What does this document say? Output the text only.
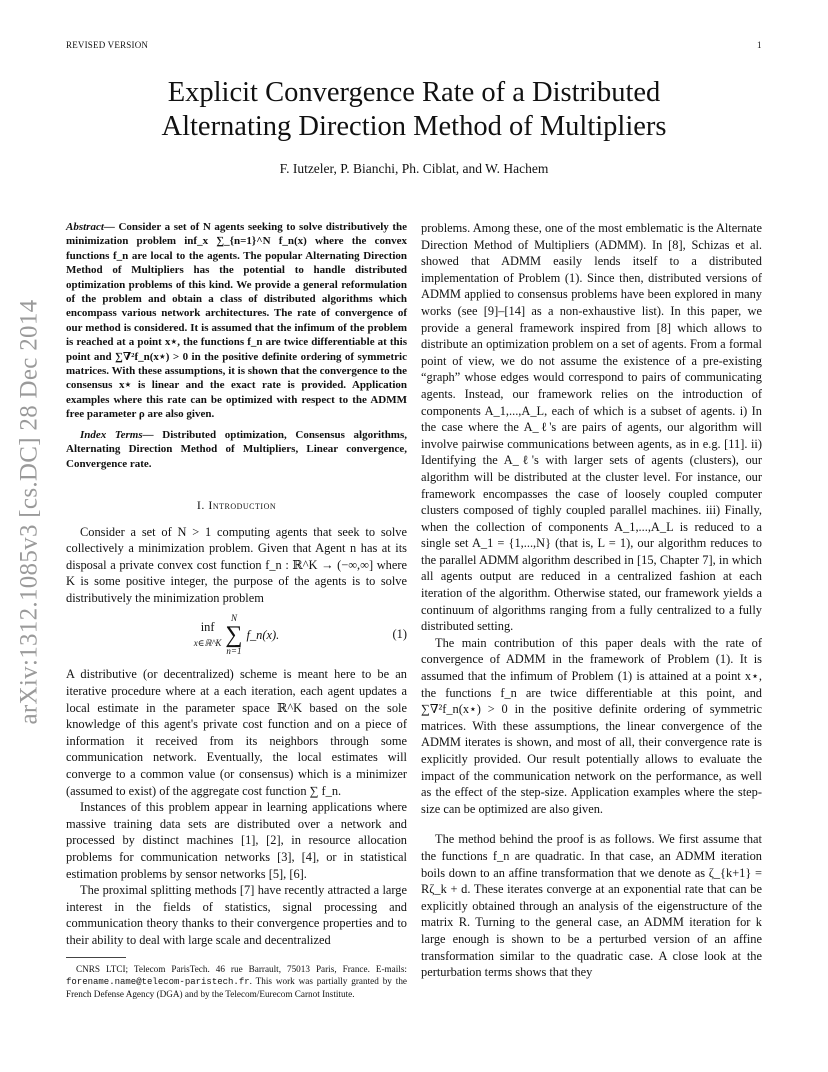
REVISED VERSION	1
Explicit Convergence Rate of a Distributed
Alternating Direction Method of Multipliers
F. Iutzeler, P. Bianchi, Ph. Ciblat, and W. Hachem
arXiv:1312.1085v3 [cs.DC] 28 Dec 2014

Abstract— Consider a set of N agents seeking to solve distributively the minimization problem inf_x ∑_{n=1}^N f_n(x) where the convex functions f_n are local to the agents. The popular Alternating Direction Method of Multipliers has the potential to handle distributed optimization problems of this kind. We provide a general reformulation of the problem and obtain a class of distributed algorithms which encompass various network architectures. The rate of convergence of our method is considered. It is assumed that the infimum of the problem is reached at a point x⋆, the functions f_n are twice differentiable at this point and ∑∇²f_n(x⋆) > 0 in the positive definite ordering of symmetric matrices. With these assumptions, it is shown that the convergence to the consensus x⋆ is linear and the exact rate is provided. Application examples where this rate can be optimized with respect to the ADMM free parameter ρ are also given.

Index Terms— Distributed optimization, Consensus algorithms, Alternating Direction Method of Multipliers, Linear convergence, Convergence rate.

I. Introduction

Consider a set of N > 1 computing agents that seek to solve collectively a minimization problem. Given that Agent n has at its disposal a private convex cost function f_n : ℝ^K → (−∞,∞] where K is some positive integer, the purpose of the agents is to solve distributively the minimization problem

inf
x∈ℝ^K
N
∑
n=1
f_n(x).	(1)

A distributive (or decentralized) scheme is meant here to be an iterative procedure where at a each iteration, each agent updates a local estimate in the parameter space ℝ^K based on the sole knowledge of this agent's private cost function and on a piece of information it received from its neighbors through some communication network. Eventually, the local estimates will converge to a common value (or consensus) which is a minimizer (assumed to exist) of the aggregate cost function ∑ f_n.

Instances of this problem appear in learning applications where massive training data sets are distributed over a network and processed by distinct machines [1], [2], in resource allocation problems for communication networks [3], [4], or in statistical estimation problems by sensor networks [5], [6].

The proximal splitting methods [7] have recently attracted a large interest in the fields of statistics, signal processing and communication theory thanks to their convergence properties and to their ability to deal with large scale and decentralized

CNRS LTCI; Telecom ParisTech. 46 rue Barrault, 75013 Paris, France. E-mails: forename.name@telecom-paristech.fr. This work was partially granted by the French Defense Agency (DGA) and by the Telecom/Eurecom Carnot Institute.

problems. Among these, one of the most emblematic is the Alternate Direction Method of Multipliers (ADMM). In [8], Schizas et al. showed that ADMM easily lends itself to a distributed implementation of Problem (1). Since then, distributed versions of ADMM applied to consensus problems have been explored in many works (see [9]–[14] as a non-exhaustive list). In this paper, we provide a general framework inspired from [8] which allows to distribute an optimization problem on a set of agents. From a formal point of view, we do not assume the existence of a pre-existing “graph” whose edges would correspond to pairs of communicating agents. Instead, our framework relies on the introduction of components A_1,...,A_L, each of which is a subset of agents. i) In the case where the A_ℓ's are pairs of agents, our algorithm will involve pairwise communications between agents, as in e.g. [11]. ii) Identifying the A_ℓ's with larger sets of agents (clusters), our algorithm will be distributed at the cluster level. For instance, our framework encompasses the case of loosely coupled computer clusters composed of tighly coupled parallel machines. iii) Finally, when the collection of components A_1,...,A_L is reduced to a single set A_1 = {1,...,N} (that is, L = 1), our algorithm reduces to the parallel ADMM algorithm described in [15, Chapter 7], in which all agents output are reduced in a centralized fashion at each iteration of the algorithm. Otherwise stated, our framework yields a continuum of algorithms ranging from a fully centralized to a fully distributed setting.

The main contribution of this paper deals with the rate of convergence of ADMM in the framework of Problem (1). It is assumed that the infimum of Problem (1) is attained at a point x⋆, the functions f_n are twice differentiable at this point, and ∑∇²f_n(x⋆) > 0 in the positive definite ordering of symmetric matrices. With these assumptions, the linear convergence of the ADMM iterates is shown, and most of all, their convergence rate is explicitly provided. Our result potentially allows to evaluate the impact of the communication network on the performance, as well as the effect of the step-size. Application examples where the step-size can be optimized are also given.

The method behind the proof is as follows. We first assume that the functions f_n are quadratic. In that case, an ADMM iteration boils down to an affine transformation that we denote as ζ_{k+1} = Rζ_k + d. These iterates converge at an exponential rate that can be explicitly obtained through an analysis of the eigenstructure of the matrix R. Turning to the general case, an ADMM iteration for k large enough is shown to be a perturbed version of an affine transformation similar to the quadratic case. A close look at the perturbation terms shows that they
